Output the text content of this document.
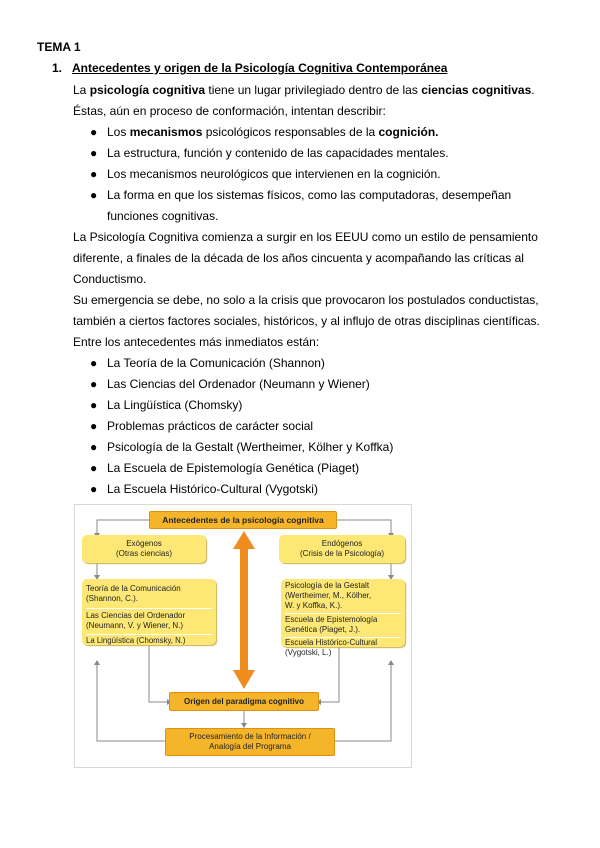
TEMA 1
1. Antecedentes y origen de la Psicología Cognitiva Contemporánea
La psicología cognitiva tiene un lugar privilegiado dentro de las ciencias cognitivas.
Éstas, aún en proceso de conformación, intentan describir:
● Los mecanismos psicológicos responsables de la cognición.
● La estructura, función y contenido de las capacidades mentales.
● Los mecanismos neurológicos que intervienen en la cognición.
● La forma en que los sistemas físicos, como las computadoras, desempeñan
funciones cognitivas.
La Psicología Cognitiva comienza a surgir en los EEUU como un estilo de pensamiento
diferente, a finales de la década de los años cincuenta y acompañando las críticas al
Conductismo.
Su emergencia se debe, no solo a la crisis que provocaron los postulados conductistas,
también a ciertos factores sociales, históricos, y al influjo de otras disciplinas científicas.
Entre los antecedentes más inmediatos están:
● La Teoría de la Comunicación (Shannon)
● Las Ciencias del Ordenador (Neumann y Wiener)
● La Lingüística (Chomsky)
● Problemas prácticos de carácter social
● Psicología de la Gestalt (Wertheimer, Kölher y Koffka)
● La Escuela de Epistemología Genética (Piaget)
● La Escuela Histórico-Cultural (Vygotski)
Antecedentes de la psicología cognitiva
Exógenos
(Otras ciencias)
Endógenos
(Crisis de la Psicología)
Teoría de la Comunicación
(Shannon, C.).
Las Ciencias del Ordenador
(Neumann, V. y Wiener, N.)
La Lingüística (Chomsky, N.)
Psicología de la Gestalt
(Wertheimer, M., Kölher,
W. y Koffka, K.).
Escuela de Epistemología
Genética (Piaget, J.).
Escuela Histórico-Cultural
(Vygotski, L.)
Origen del paradigma cognitivo
Procesamiento de la Información /
Analogía del Programa
